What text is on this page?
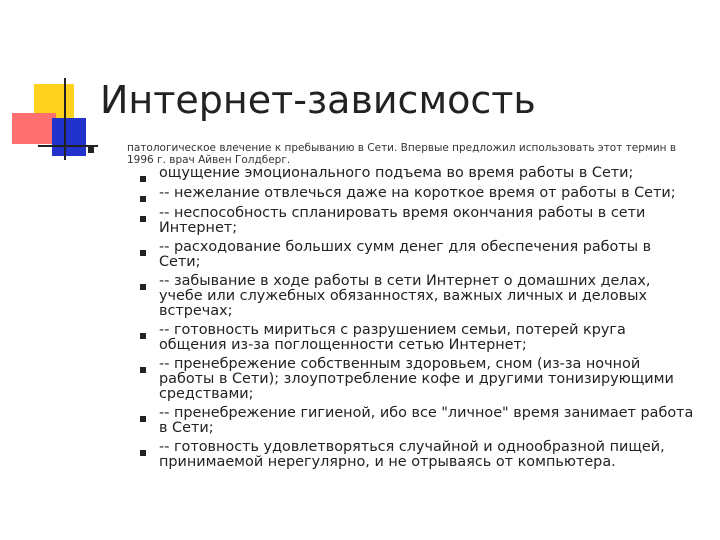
Интернет-зависмость
патологическое влечение к пребыванию в Сети. Впервые предложил использовать этот термин в 1996 г. врач Айвен Голдберг.
ощущение эмоционального подъема во время работы в Сети;
-- нежелание отвлечься даже на короткое время от работы в Сети;
-- неспособность спланировать время окончания работы в сети Интернет;
-- расходование больших сумм денег для обеспечения работы в Сети;
-- забывание в ходе работы в сети Интернет о домашних делах, учебе или служебных обязанностях, важных личных и деловых встречах;
-- готовность мириться с разрушением семьи, потерей круга общения из-за поглощенности сетью Интернет;
-- пренебрежение собственным здоровьем, сном (из-за ночной работы в Сети); злоупотребление кофе и другими тонизирующими средствами;
-- пренебрежение гигиеной, ибо все "личное" время занимает работа в Сети;
-- готовность удовлетворяться случайной и однообразной пищей, принимаемой нерегулярно, и не отрываясь от компьютера.
